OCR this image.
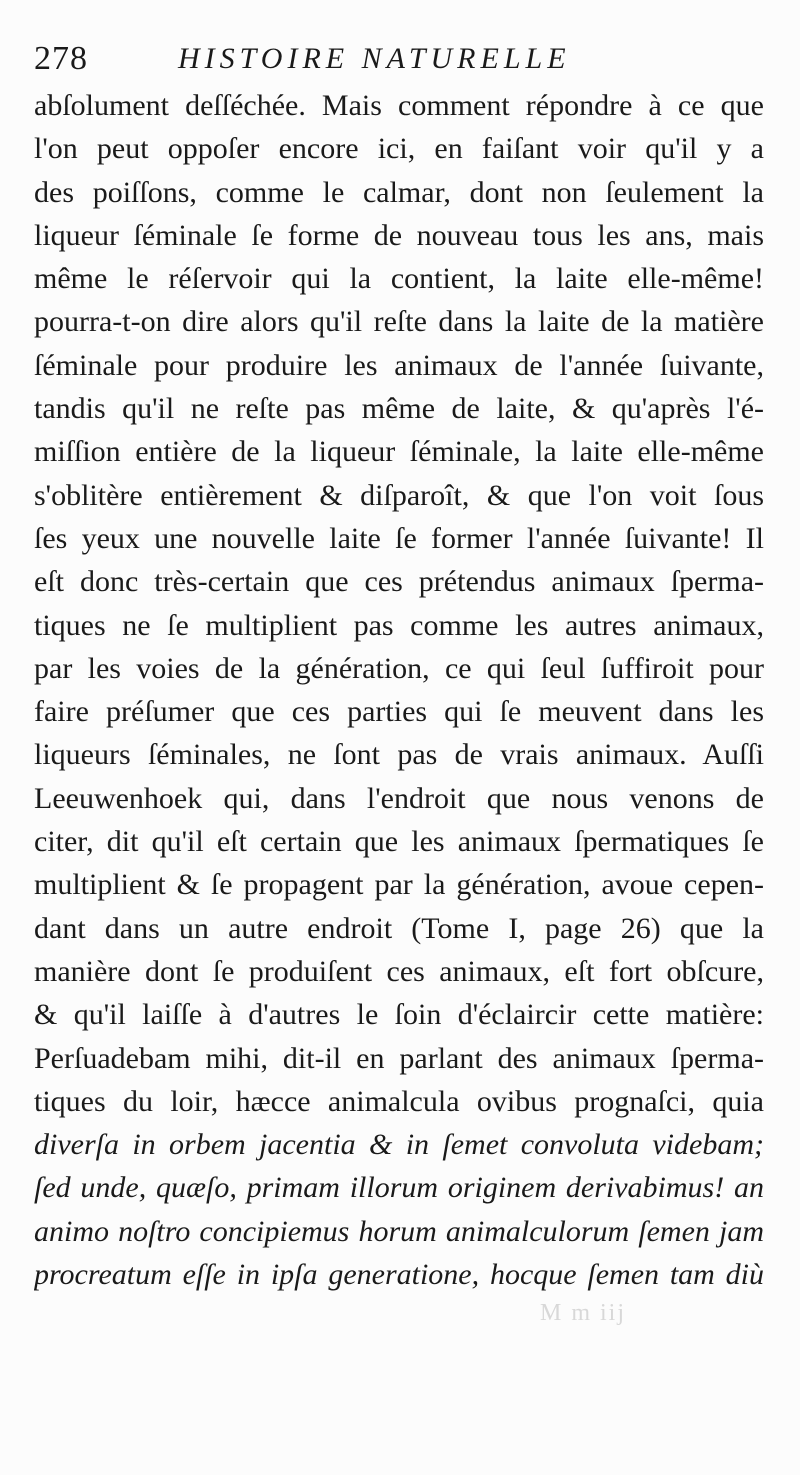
278	HISTOIRE NATURELLE
abſolument deſſéchée. Mais comment répondre à ce que
l'on peut oppoſer encore ici, en faiſant voir qu'il y a
des poiſſons, comme le calmar, dont non ſeulement la
liqueur ſéminale ſe forme de nouveau tous les ans, mais
même le réſervoir qui la contient, la laite elle-même!
pourra-t-on dire alors qu'il reſte dans la laite de la matière
ſéminale pour produire les animaux de l'année ſuivante,
tandis qu'il ne reſte pas même de laite, & qu'après l'é-
miſſion entière de la liqueur ſéminale, la laite elle-même
s'oblitère entièrement & diſparoît, & que l'on voit ſous
ſes yeux une nouvelle laite ſe former l'année ſuivante! Il
eſt donc très-certain que ces prétendus animaux ſperma-
tiques ne ſe multiplient pas comme les autres animaux,
par les voies de la génération, ce qui ſeul ſuffiroit pour
faire préſumer que ces parties qui ſe meuvent dans les
liqueurs ſéminales, ne ſont pas de vrais animaux. Auſſi
Leeuwenhoek qui, dans l'endroit que nous venons de
citer, dit qu'il eſt certain que les animaux ſpermatiques ſe
multiplient & ſe propagent par la génération, avoue cepen-
dant dans un autre endroit (Tome I, page 26) que la
manière dont ſe produiſent ces animaux, eſt fort obſcure,
& qu'il laiſſe à d'autres le ſoin d'éclaircir cette matière:
Perſuadebam mihi, dit-il en parlant des animaux ſperma-
tiques du loir, hæcce animalcula ovibus prognaſci, quia
diverſa in orbem jacentia & in ſemet convoluta videbam;
ſed unde, quæſo, primam illorum originem derivabimus! an
animo noſtro concipiemus horum animalculorum ſemen jam
procreatum eſſe in ipſa generatione, hocque ſemen tam diù
M m iij
